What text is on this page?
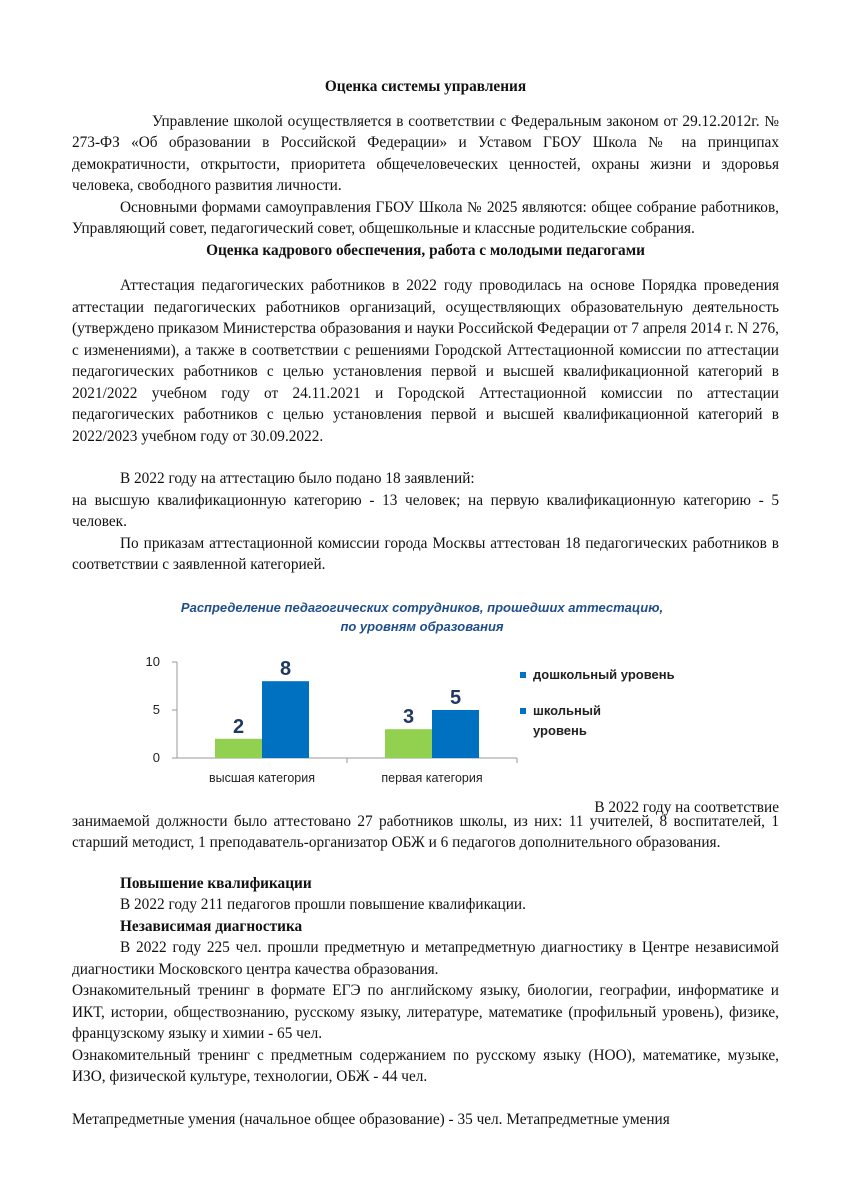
Оценка системы управления

Управление школой осуществляется в соответствии с Федеральным законом от 29.12.2012г. № 273-ФЗ «Об образовании в Российской Федерации» и Уставом ГБОУ Школа № на принципах демократичности, открытости, приоритета общечеловеческих ценностей, охраны жизни и здоровья человека, свободного развития личности.

Основными формами самоуправления ГБОУ Школа № 2025 являются: общее собрание работников, Управляющий совет, педагогический совет, общешкольные и классные родительские собрания.

Оценка кадрового обеспечения, работа с молодыми педагогами

Аттестация педагогических работников в 2022 году проводилась на основе Порядка проведения аттестации педагогических работников организаций, осуществляющих образовательную деятельность (утверждено приказом Министерства образования и науки Российской Федерации от 7 апреля 2014 г. N 276, с изменениями), а также в соответствии с решениями Городской Аттестационной комиссии по аттестации педагогических работников с целью установления первой и высшей квалификационной категорий в 2021/2022 учебном году от 24.11.2021 и Городской Аттестационной комиссии по аттестации педагогических работников с целью установления первой и высшей квалификационной категорий в 2022/2023 учебном году от 30.09.2022.

В 2022 году на аттестацию было подано 18 заявлений:

на высшую квалификационную категорию - 13 человек; на первую квалификационную категорию - 5 человек.

По приказам аттестационной комиссии города Москвы аттестован 18 педагогических работников в соответствии с заявленной категорией.

Распределение педагогических сотрудников, прошедших аттестацию,
по уровням образования
0
5
10
2
8
высшая категория
3
5
первая категория
дошкольный уровень
школьный
уровень
В 2022 году на соответствие

занимаемой должности было аттестовано 27 работников школы, из них: 11 учителей, 8 воспитателей, 1 старший методист, 1 преподаватель-организатор ОБЖ и 6 педагогов дополнительного образования.

Повышение квалификации

В 2022 году 211 педагогов прошли повышение квалификации.

Независимая диагностика

В 2022 году 225 чел. прошли предметную и метапредметную диагностику в Центре независимой диагностики Московского центра качества образования.

Ознакомительный тренинг в формате ЕГЭ по английскому языку, биологии, географии, информатике и ИКТ, истории, обществознанию, русскому языку, литературе, математике (профильный уровень), физике, французскому языку и химии - 65 чел.

Ознакомительный тренинг с предметным содержанием по русскому языку (НОО), математике, музыке, ИЗО, физической культуре, технологии, ОБЖ - 44 чел.

Метапредметные умения (начальное общее образование) - 35 чел. Метапредметные умения
